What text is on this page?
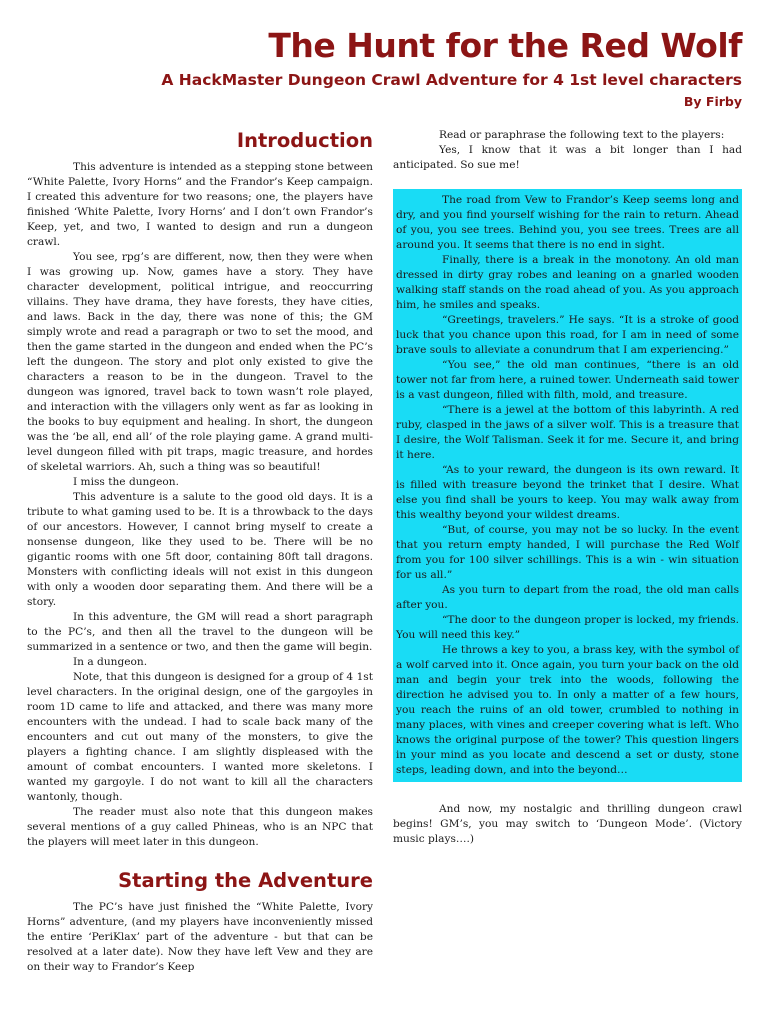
The Hunt for the Red Wolf
A HackMaster Dungeon Crawl Adventure for 4 1st level characters
By Firby
Introduction

This adventure is intended as a stepping stone between “White Palette, Ivory Horns” and the Frandor’s Keep campaign. I created this adventure for two reasons; one, the players have finished ‘White Palette, Ivory Horns’ and I don’t own Frandor’s Keep, yet, and two, I wanted to design and run a dungeon crawl.

You see, rpg’s are different, now, then they were when I was growing up. Now, games have a story. They have character development, political intrigue, and reoccurring villains. They have drama, they have forests, they have cities, and laws. Back in the day, there was none of this; the GM simply wrote and read a paragraph or two to set the mood, and then the game started in the dungeon and ended when the PC’s left the dungeon. The story and plot only existed to give the characters a reason to be in the dungeon. Travel to the dungeon was ignored, travel back to town wasn’t role played, and interaction with the villagers only went as far as looking in the books to buy equipment and healing. In short, the dungeon was the ‘be all, end all’ of the role playing game. A grand multi-level dungeon filled with pit traps, magic treasure, and hordes of skeletal warriors. Ah, such a thing was so beautiful!

I miss the dungeon.

This adventure is a salute to the good old days. It is a tribute to what gaming used to be. It is a throwback to the days of our ancestors. However, I cannot bring myself to create a nonsense dungeon, like they used to be. There will be no gigantic rooms with one 5ft door, containing 80ft tall dragons. Monsters with conflicting ideals will not exist in this dungeon with only a wooden door separating them. And there will be a story.

In this adventure, the GM will read a short paragraph to the PC’s, and then all the travel to the dungeon will be summarized in a sentence or two, and then the game will begin.

In a dungeon.

Note, that this dungeon is designed for a group of 4 1st level characters. In the original design, one of the gargoyles in room 1D came to life and attacked, and there was many more encounters with the undead. I had to scale back many of the encounters and cut out many of the monsters, to give the players a fighting chance. I am slightly displeased with the amount of combat encounters. I wanted more skeletons. I wanted my gargoyle. I do not want to kill all the characters wantonly, though.

The reader must also note that this dungeon makes several mentions of a guy called Phineas, who is an NPC that the players will meet later in this dungeon.

Starting the Adventure

The PC’s have just finished the “White Palette, Ivory Horns” adventure, (and my players have inconveniently missed the entire ‘PeriKlax’ part of the adventure - but that can be resolved at a later date). Now they have left Vew and they are on their way to Frandor’s Keep

Read or paraphrase the following text to the players:

Yes, I know that it was a bit longer than I had anticipated. So sue me!

The road from Vew to Frandor’s Keep seems long and dry, and you find yourself wishing for the rain to return. Ahead of you, you see trees. Behind you, you see trees. Trees are all around you. It seems that there is no end in sight.

Finally, there is a break in the monotony. An old man dressed in dirty gray robes and leaning on a gnarled wooden walking staff stands on the road ahead of you. As you approach him, he smiles and speaks.

“Greetings, travelers.” He says. “It is a stroke of good luck that you chance upon this road, for I am in need of some brave souls to alleviate a conundrum that I am experiencing.”

“You see,” the old man continues, “there is an old tower not far from here, a ruined tower. Underneath said tower is a vast dungeon, filled with filth, mold, and treasure.

“There is a jewel at the bottom of this labyrinth. A red ruby, clasped in the jaws of a silver wolf. This is a treasure that I desire, the Wolf Talisman. Seek it for me. Secure it, and bring it here.

“As to your reward, the dungeon is its own reward. It is filled with treasure beyond the trinket that I desire. What else you find shall be yours to keep. You may walk away from this wealthy beyond your wildest dreams.

“But, of course, you may not be so lucky. In the event that you return empty handed, I will purchase the Red Wolf from you for 100 silver schillings. This is a win - win situation for us all.”

As you turn to depart from the road, the old man calls after you.

“The door to the dungeon proper is locked, my friends. You will need this key.”

He throws a key to you, a brass key, with the symbol of a wolf carved into it. Once again, you turn your back on the old man and begin your trek into the woods, following the direction he advised you to. In only a matter of a few hours, you reach the ruins of an old tower, crumbled to nothing in many places, with vines and creeper covering what is left. Who knows the original purpose of the tower? This question lingers in your mind as you locate and descend a set or dusty, stone steps, leading down, and into the beyond…

And now, my nostalgic and thrilling dungeon crawl begins! GM’s, you may switch to ‘Dungeon Mode’. (Victory music plays….)
